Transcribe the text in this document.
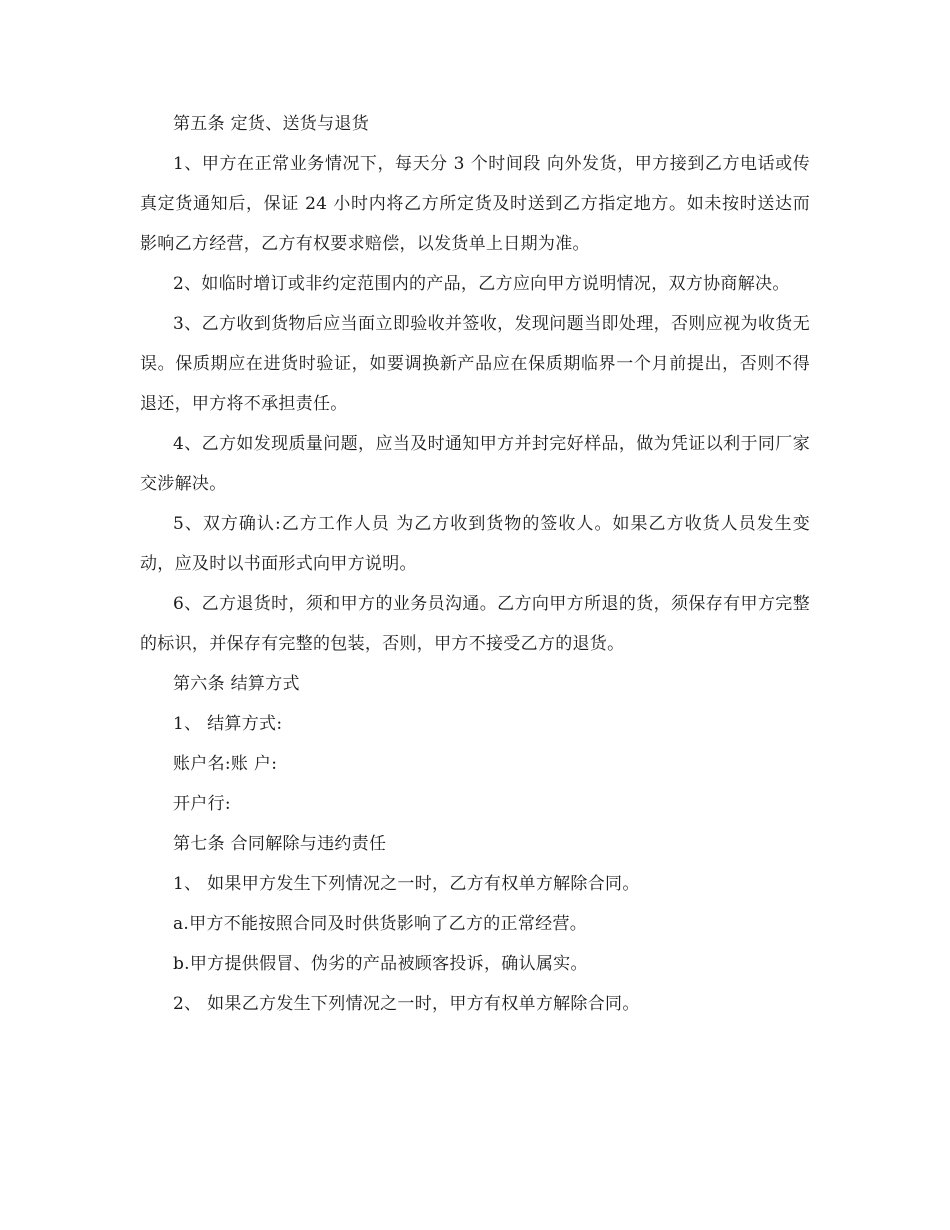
第五条 定货、送货与退货

1、甲方在正常业务情况下，每天分 3 个时间段 向外发货，甲方接到乙方电话或传真定货通知后，保证 24 小时内将乙方所定货及时送到乙方指定地方。如未按时送达而影响乙方经营，乙方有权要求赔偿，以发货单上日期为准。

2、如临时增订或非约定范围内的产品，乙方应向甲方说明情况，双方协商解决。

3、乙方收到货物后应当面立即验收并签收，发现问题当即处理，否则应视为收货无误。保质期应在进货时验证，如要调换新产品应在保质期临界一个月前提出，否则不得退还，甲方将不承担责任。

4、乙方如发现质量问题，应当及时通知甲方并封完好样品，做为凭证以利于同厂家交涉解决。

5、双方确认:乙方工作人员 为乙方收到货物的签收人。如果乙方收货人员发生变动，应及时以书面形式向甲方说明。

6、乙方退货时，须和甲方的业务员沟通。乙方向甲方所退的货，须保存有甲方完整的标识，并保存有完整的包装，否则，甲方不接受乙方的退货。

第六条 结算方式

1、 结算方式:

账户名:账 户:

开户行:

第七条 合同解除与违约责任

1、 如果甲方发生下列情况之一时，乙方有权单方解除合同。

a.甲方不能按照合同及时供货影响了乙方的正常经营。

b.甲方提供假冒、伪劣的产品被顾客投诉，确认属实。

2、 如果乙方发生下列情况之一时，甲方有权单方解除合同。
